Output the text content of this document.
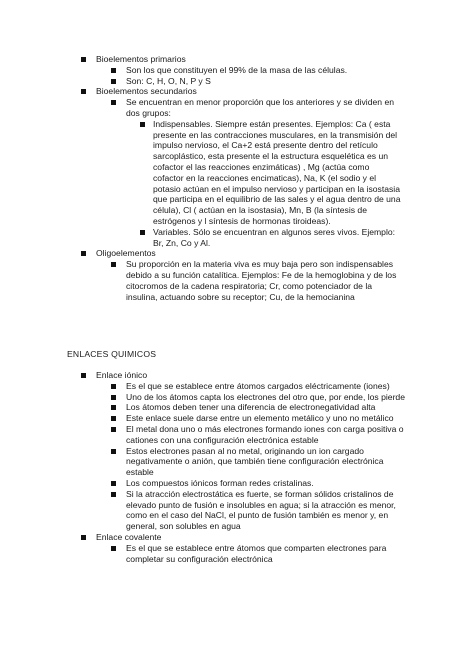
Bioelementos primarios
Son los que constituyen el 99% de la masa de las células.
Son: C, H, O, N, P y S
Bioelementos secundarios
Se encuentran en menor proporción que los anteriores y se dividen en dos grupos:
Indispensables. Siempre están presentes. Ejemplos: Ca ( esta presente en las contracciones musculares, en la transmisión del impulso nervioso, el Ca+2 está presente dentro del retículo sarcoplástico, esta presente el la estructura esquelética es un cofactor el las reacciones enzimáticas) , Mg (actúa como cofactor en la reacciones encimaticas), Na, K (el sodio y el potasio actúan en el impulso nervioso y participan en la isostasia que participa en el equilibrio de las sales y el agua dentro de una célula), Cl ( actúan en la isostasia), Mn, B (la síntesis de estrógenos y l síntesis de hormonas tiroideas).
Variables. Sólo se encuentran en algunos seres vivos. Ejemplo: Br, Zn, Co y Al.
Oligoelementos
Su proporción en la materia viva es muy baja pero son indispensables debido a su función catalítica. Ejemplos: Fe de la hemoglobina y de los citocromos de la cadena respiratoria; Cr, como potenciador de la insulina, actuando sobre su receptor; Cu, de la hemocianina
ENLACES QUIMICOS
Enlace iónico
Es el que se establece entre átomos cargados eléctricamente (iones)
Uno de los átomos capta los electrones del otro que, por ende, los pierde
Los átomos deben tener una diferencia de electronegatividad alta
Este enlace suele darse entre un elemento metálico y uno no metálico
El metal dona uno o más electrones formando iones con carga positiva o cationes con una configuración electrónica estable
Estos electrones pasan al no metal, originando un ion cargado negativamente o anión, que también tiene configuración electrónica estable
Los compuestos iónicos forman redes cristalinas.
Si la atracción electrostática es fuerte, se forman sólidos cristalinos de elevado punto de fusión e insolubles en agua; si la atracción es menor, como en el caso del NaCl, el punto de fusión también es menor y, en general, son solubles en agua
Enlace covalente
Es el que se establece entre átomos que comparten electrones para completar su configuración electrónica
